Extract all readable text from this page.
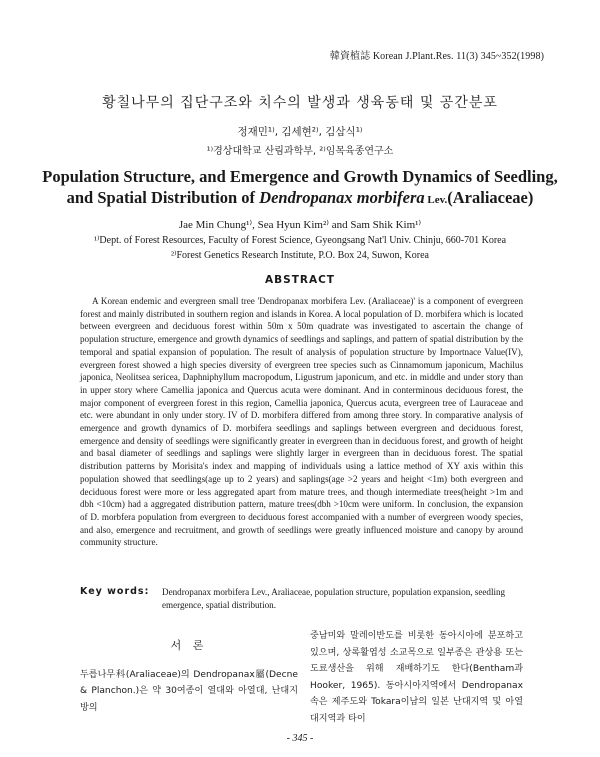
韓資植誌 Korean J.Plant.Res. 11(3) 345~352(1998)
황칠나무의 집단구조와 치수의 발생과 생육동태 및 공간분포
정재민¹⁾, 김세현²⁾, 김삼식¹⁾
¹⁾경상대학교 산림과학부, ²⁾임목육종연구소
Population Structure, and Emergence and Growth Dynamics of Seedling,
and Spatial Distribution of Dendropanax morbifera Lev.(Araliaceae)
Jae Min Chung¹⁾, Sea Hyun Kim²⁾ and Sam Shik Kim¹⁾
¹⁾Dept. of Forest Resources, Faculty of Forest Science, Gyeongsang Nat'l Univ. Chinju, 660-701 Korea
²⁾Forest Genetics Research Institute, P.O. Box 24, Suwon, Korea
ABSTRACT

A Korean endemic and evergreen small tree 'Dendropanax morbifera Lev. (Araliaceae)' is a component of evergreen forest and mainly distributed in southern region and islands in Korea. A local population of D. morbifera which is located between evergreen and deciduous forest within 50m x 50m quadrate was investigated to ascertain the change of population structure, emergence and growth dynamics of seedlings and saplings, and pattern of spatial distribution by the temporal and spatial expansion of population. The result of analysis of population structure by Importnace Value(IV), evergreen forest showed a high species diversity of evergreen tree species such as Cinnamomum japonicum, Machilus japonica, Neolitsea sericea, Daphniphyllum macropodum, Ligustrum japonicum, and etc. in middle and under story than in upper story where Camellia japonica and Quercus acuta were dominant. And in conterminous deciduous forest, the major component of evergreen forest in this region, Camellia japonica, Quercus acuta, evergreen tree of Lauraceae and etc. were abundant in only under story. IV of D. morbifera differed from among three story. In comparative analysis of emergence and growth dynamics of D. morbifera seedlings and saplings between evergreen and deciduous forest, emergence and density of seedlings were significantly greater in evergreen than in deciduous forest, and growth of height and basal diameter of seedlings and saplings were slightly larger in evergreen than in deciduous forest. The spatial distribution patterns by Morisita's index and mapping of individuals using a lattice method of XY axis within this population showed that seedlings(age up to 2 years) and saplings(age >2 years and height <1m) both evergreen and deciduous forest were more or less aggregated apart from mature trees, and though intermediate trees(height >1m and dbh <10cm) had a aggregated distribution pattern, mature trees(dbh >10cm were uniform. In conclusion, the expansion of D. morbfera population from evergreen to deciduous forest accompanied with a number of evergreen woody species, and also, emergence and recruitment, and growth of seedlings were greatly influenced moisture and canopy by around community structure.

Key words: Dendropanax morbifera Lev., Araliaceae, population structure, population expansion, seedling emergence, spatial distribution.
서 론

두릅나무科(Araliaceae)의 Dendropanax屬(Decne & Planchon.)은 약 30여종이 열대와 아열대, 난대지방의

중남미와 말레이반도를 비롯한 동아시아에 분포하고 있으며, 상록활엽성 소교목으로 일부종은 관상용 또는 도료생산을 위해 재배하기도 한다(Bentham과 Hooker, 1965). 동아시아지역에서 Dendropanax속은 제주도와 Tokara이남의 일본 난대지역 및 아열대지역과 타이

- 345 -
